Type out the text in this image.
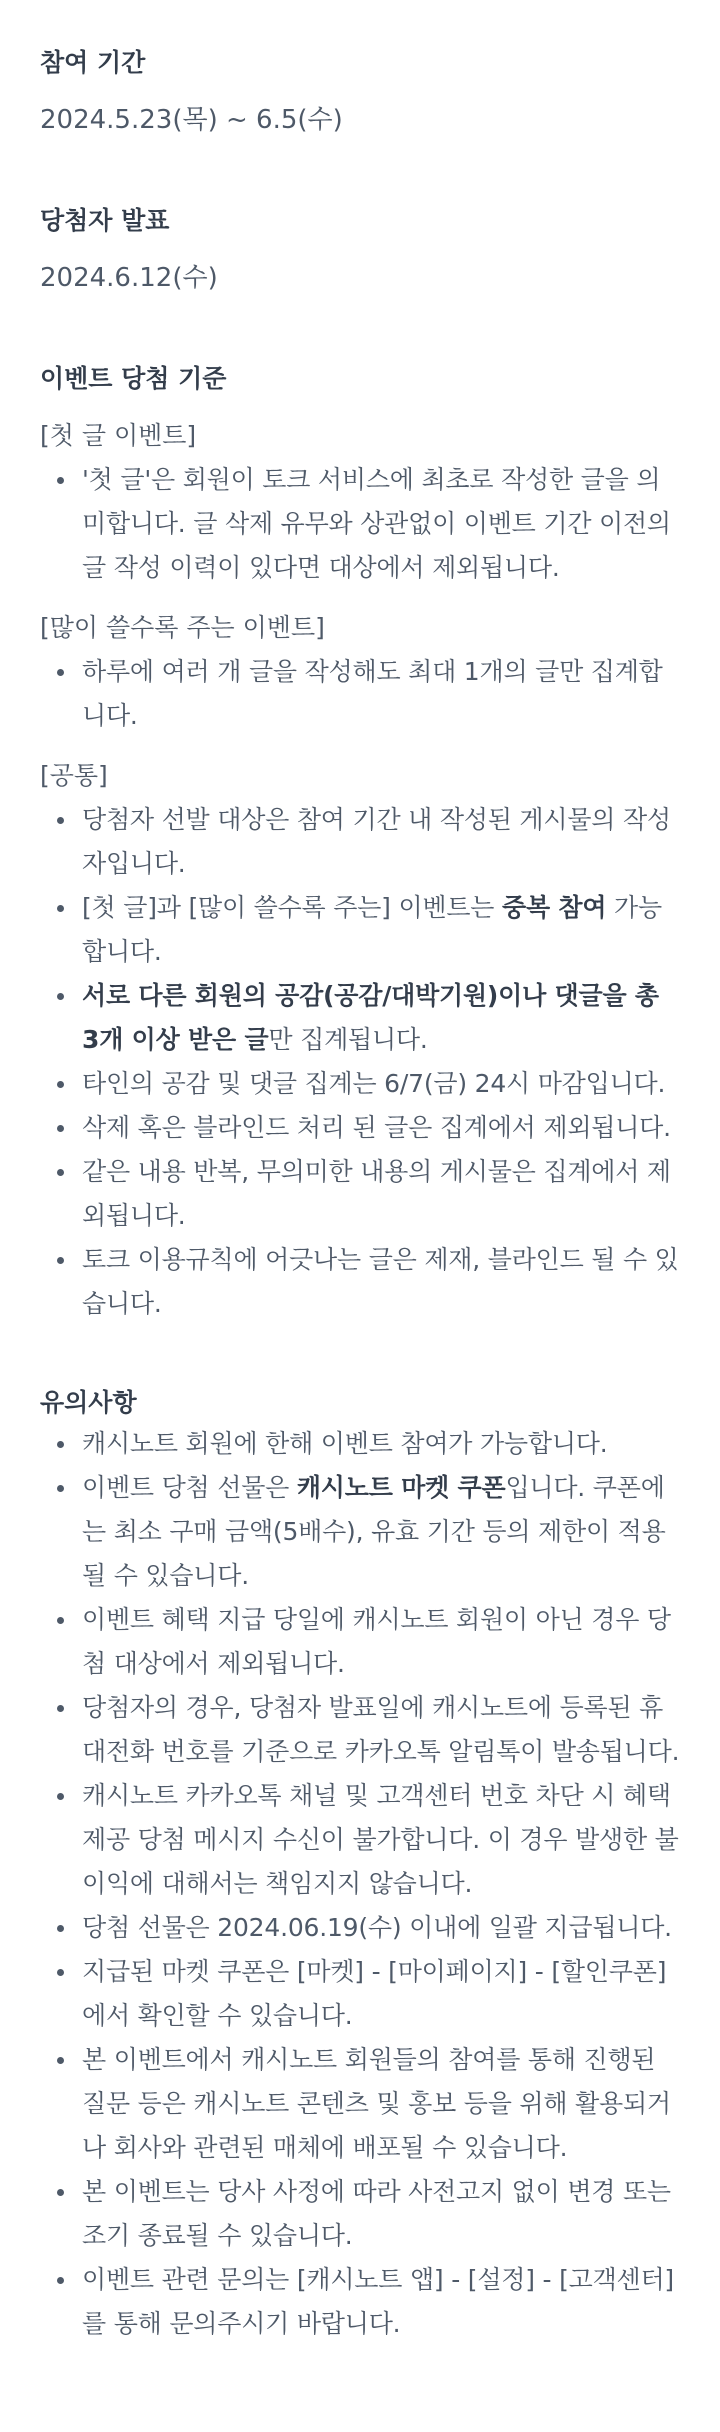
참여 기간

2024.5.23(목) ~ 6.5(수)

당첨자 발표

2024.6.12(수)

이벤트 당첨 기준

[첫 글 이벤트]

'첫 글'은 회원이 토크 서비스에 최초로 작성한 글을 의미합니다. 글 삭제 유무와 상관없이 이벤트 기간 이전의 글 작성 이력이 있다면 대상에서 제외됩니다.

[많이 쓸수록 주는 이벤트]

하루에 여러 개 글을 작성해도 최대 1개의 글만 집계합니다.

[공통]

당첨자 선발 대상은 참여 기간 내 작성된 게시물의 작성자입니다.
[첫 글]과 [많이 쓸수록 주는] 이벤트는 중복 참여 가능합니다.
서로 다른 회원의 공감(공감/대박기원)이나 댓글을 총 3개 이상 받은 글만 집계됩니다.
타인의 공감 및 댓글 집계는 6/7(금) 24시 마감입니다.
삭제 혹은 블라인드 처리 된 글은 집계에서 제외됩니다.
같은 내용 반복, 무의미한 내용의 게시물은 집계에서 제외됩니다.
토크 이용규칙에 어긋나는 글은 제재, 블라인드 될 수 있습니다.
유의사항
캐시노트 회원에 한해 이벤트 참여가 가능합니다.
이벤트 당첨 선물은 캐시노트 마켓 쿠폰입니다. 쿠폰에는 최소 구매 금액(5배수), 유효 기간 등의 제한이 적용될 수 있습니다.
이벤트 혜택 지급 당일에 캐시노트 회원이 아닌 경우 당첨 대상에서 제외됩니다.
당첨자의 경우, 당첨자 발표일에 캐시노트에 등록된 휴대전화 번호를 기준으로 카카오톡 알림톡이 발송됩니다.
캐시노트 카카오톡 채널 및 고객센터 번호 차단 시 혜택 제공 당첨 메시지 수신이 불가합니다. 이 경우 발생한 불이익에 대해서는 책임지지 않습니다.
당첨 선물은 2024.06.19(수) 이내에 일괄 지급됩니다.
지급된 마켓 쿠폰은 [마켓] - [마이페이지] - [할인쿠폰]에서 확인할 수 있습니다.
본 이벤트에서 캐시노트 회원들의 참여를 통해 진행된 질문 등은 캐시노트 콘텐츠 및 홍보 등을 위해 활용되거나 회사와 관련된 매체에 배포될 수 있습니다.
본 이벤트는 당사 사정에 따라 사전고지 없이 변경 또는 조기 종료될 수 있습니다.
이벤트 관련 문의는 [캐시노트 앱] - [설정] - [고객센터]를 통해 문의주시기 바랍니다.
